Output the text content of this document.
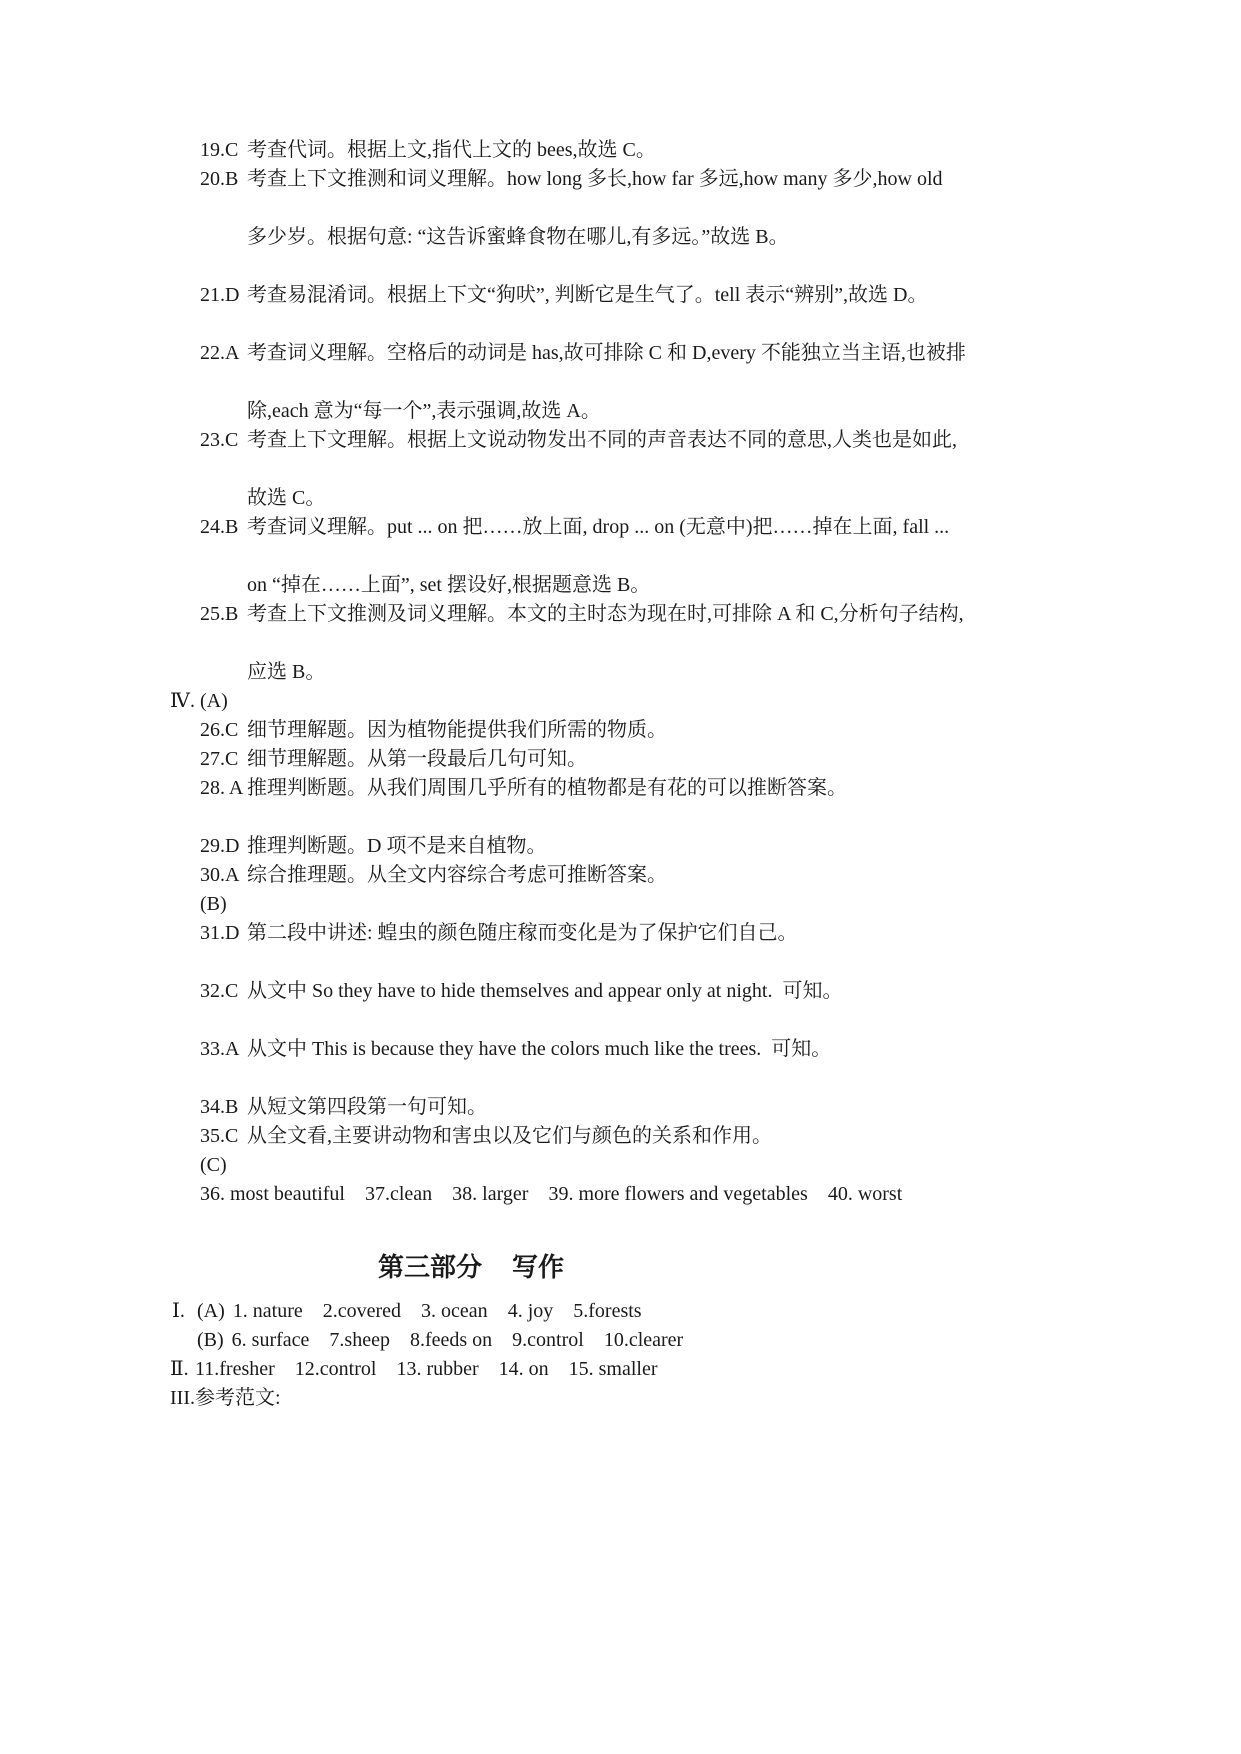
19.C 考查代词。根据上文,指代上文的 bees,故选 C。
20.B 考查上下文推测和词义理解。how long 多长,how far 多远,how many 多少,how old
多少岁。根据句意: “这告诉蜜蜂食物在哪儿,有多远。”故选 B。
21.D 考查易混淆词。根据上下文“狗吠”, 判断它是生气了。tell 表示“辨别”,故选 D。
22.A 考查词义理解。空格后的动词是 has,故可排除 C 和 D,every 不能独立当主语,也被排
除,each 意为“每一个”,表示强调,故选 A。
23.C 考查上下文理解。根据上文说动物发出不同的声音表达不同的意思,人类也是如此,
故选 C。
24.B 考查词义理解。put ... on 把……放上面, drop ... on (无意中)把……掉在上面, fall ...
on “掉在……上面”, set 摆设好,根据题意选 B。
25.B 考查上下文推测及词义理解。本文的主时态为现在时,可排除 A 和 C,分析句子结构,
应选 B。
Ⅳ. (A)
26.C 细节理解题。因为植物能提供我们所需的物质。
27.C 细节理解题。从第一段最后几句可知。
28. A 推理判断题。从我们周围几乎所有的植物都是有花的可以推断答案。
29.D 推理判断题。D 项不是来自植物。
30.A 综合推理题。从全文内容综合考虑可推断答案。
(B)
31.D 第二段中讲述: 蝗虫的颜色随庄稼而变化是为了保护它们自己。
32.C 从文中 So they have to hide themselves and appear only at night.  可知。
33.A 从文中 This is because they have the colors much like the trees.  可知。
34.B 从短文第四段第一句可知。
35.C 从全文看,主要讲动物和害虫以及它们与颜色的关系和作用。
(C)
36. most beautiful 37.clean 38. larger 39. more flowers and vegetables 40. worst
第三部分 写作
Ⅰ. (A) 1. nature 2.covered 3. ocean 4. joy 5.forests
(B) 6. surface 7.sheep 8.feeds on 9.control 10.clearer
Ⅱ. 11.fresher 12.control 13. rubber 14. on 15. smaller
III.参考范文:
